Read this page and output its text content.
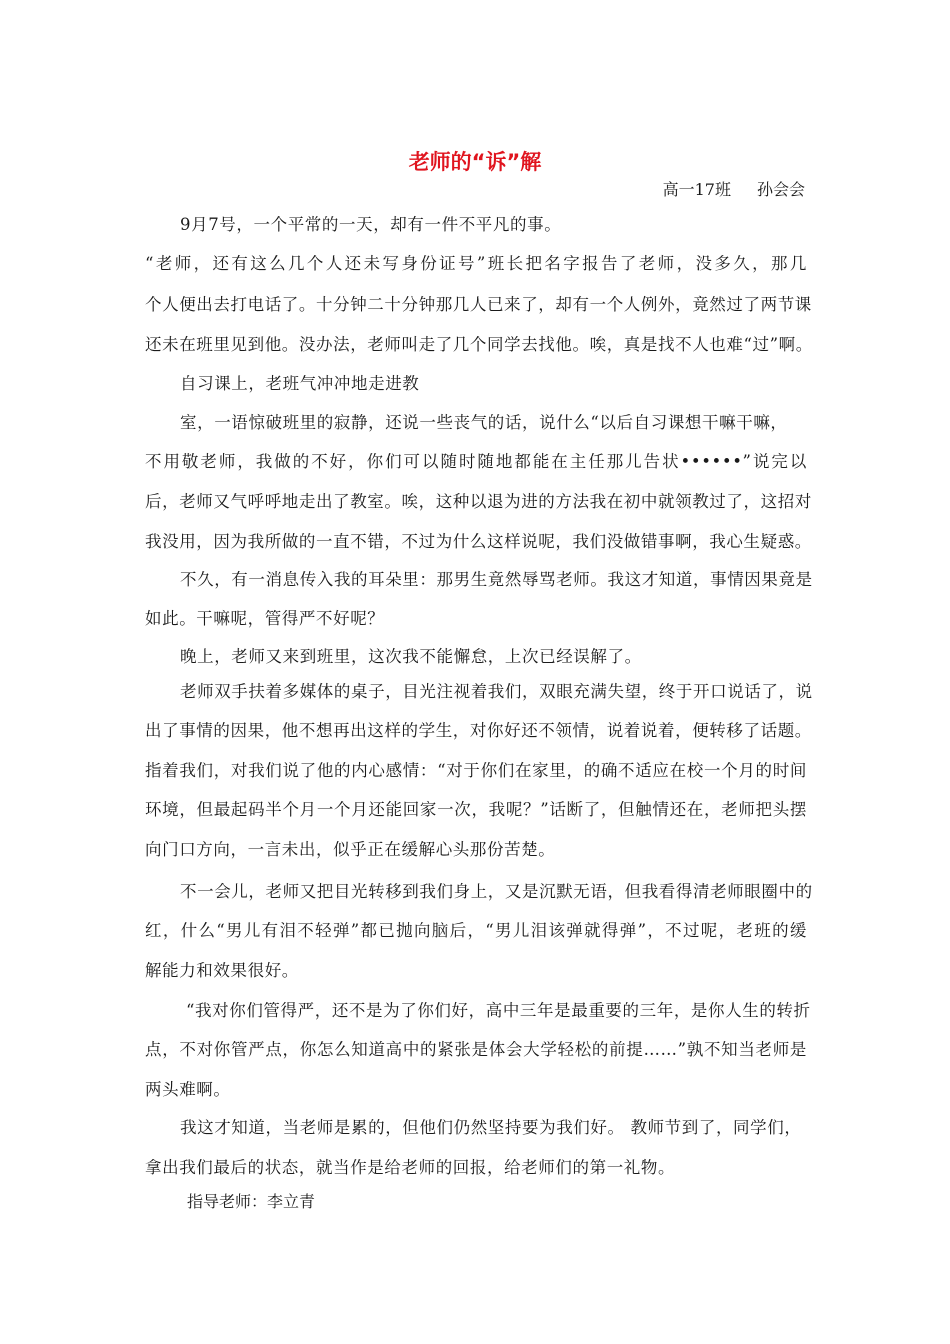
老师的“诉”解
高一17班 孙会会
9月7号，一个平常的一天，却有一件不平凡的事。
“老师，还有这么几个人还未写身份证号”班长把名字报告了老师，没多久，那几
个人便出去打电话了。十分钟二十分钟那几人已来了，却有一个人例外，竟然过了两节课
还未在班里见到他。没办法，老师叫走了几个同学去找他。唉，真是找不人也难“过”啊。
自习课上，老班气冲冲地走进教
室，一语惊破班里的寂静，还说一些丧气的话，说什么“以后自习课想干嘛干嘛，
不用敬老师，我做的不好，你们可以随时随地都能在主任那儿告状••••••”说完以
后，老师又气呼呼地走出了教室。唉，这种以退为进的方法我在初中就领教过了，这招对
我没用，因为我所做的一直不错，不过为什么这样说呢，我们没做错事啊，我心生疑惑。
不久，有一消息传入我的耳朵里：那男生竟然辱骂老师。我这才知道，事情因果竟是
如此。干嘛呢，管得严不好呢？
晚上，老师又来到班里，这次我不能懈怠，上次已经误解了。
老师双手扶着多媒体的桌子，目光注视着我们，双眼充满失望，终于开口说话了，说
出了事情的因果，他不想再出这样的学生，对你好还不领情，说着说着，便转移了话题。
指着我们，对我们说了他的内心感情：“对于你们在家里，的确不适应在校一个月的时间
环境，但最起码半个月一个月还能回家一次，我呢？”话断了，但触情还在，老师把头摆
向门口方向，一言未出，似乎正在缓解心头那份苦楚。
不一会儿，老师又把目光转移到我们身上，又是沉默无语，但我看得清老师眼圈中的
红，什么“男儿有泪不轻弹”都已抛向脑后，“男儿泪该弹就得弹”，不过呢，老班的缓
解能力和效果很好。
“我对你们管得严，还不是为了你们好，高中三年是最重要的三年，是你人生的转折
点，不对你管严点，你怎么知道高中的紧张是体会大学轻松的前提……”孰不知当老师是
两头难啊。
我这才知道，当老师是累的，但他们仍然坚持要为我们好。 教师节到了，同学们，
拿出我们最后的状态，就当作是给老师的回报，给老师们的第一礼物。
指导老师：李立青
